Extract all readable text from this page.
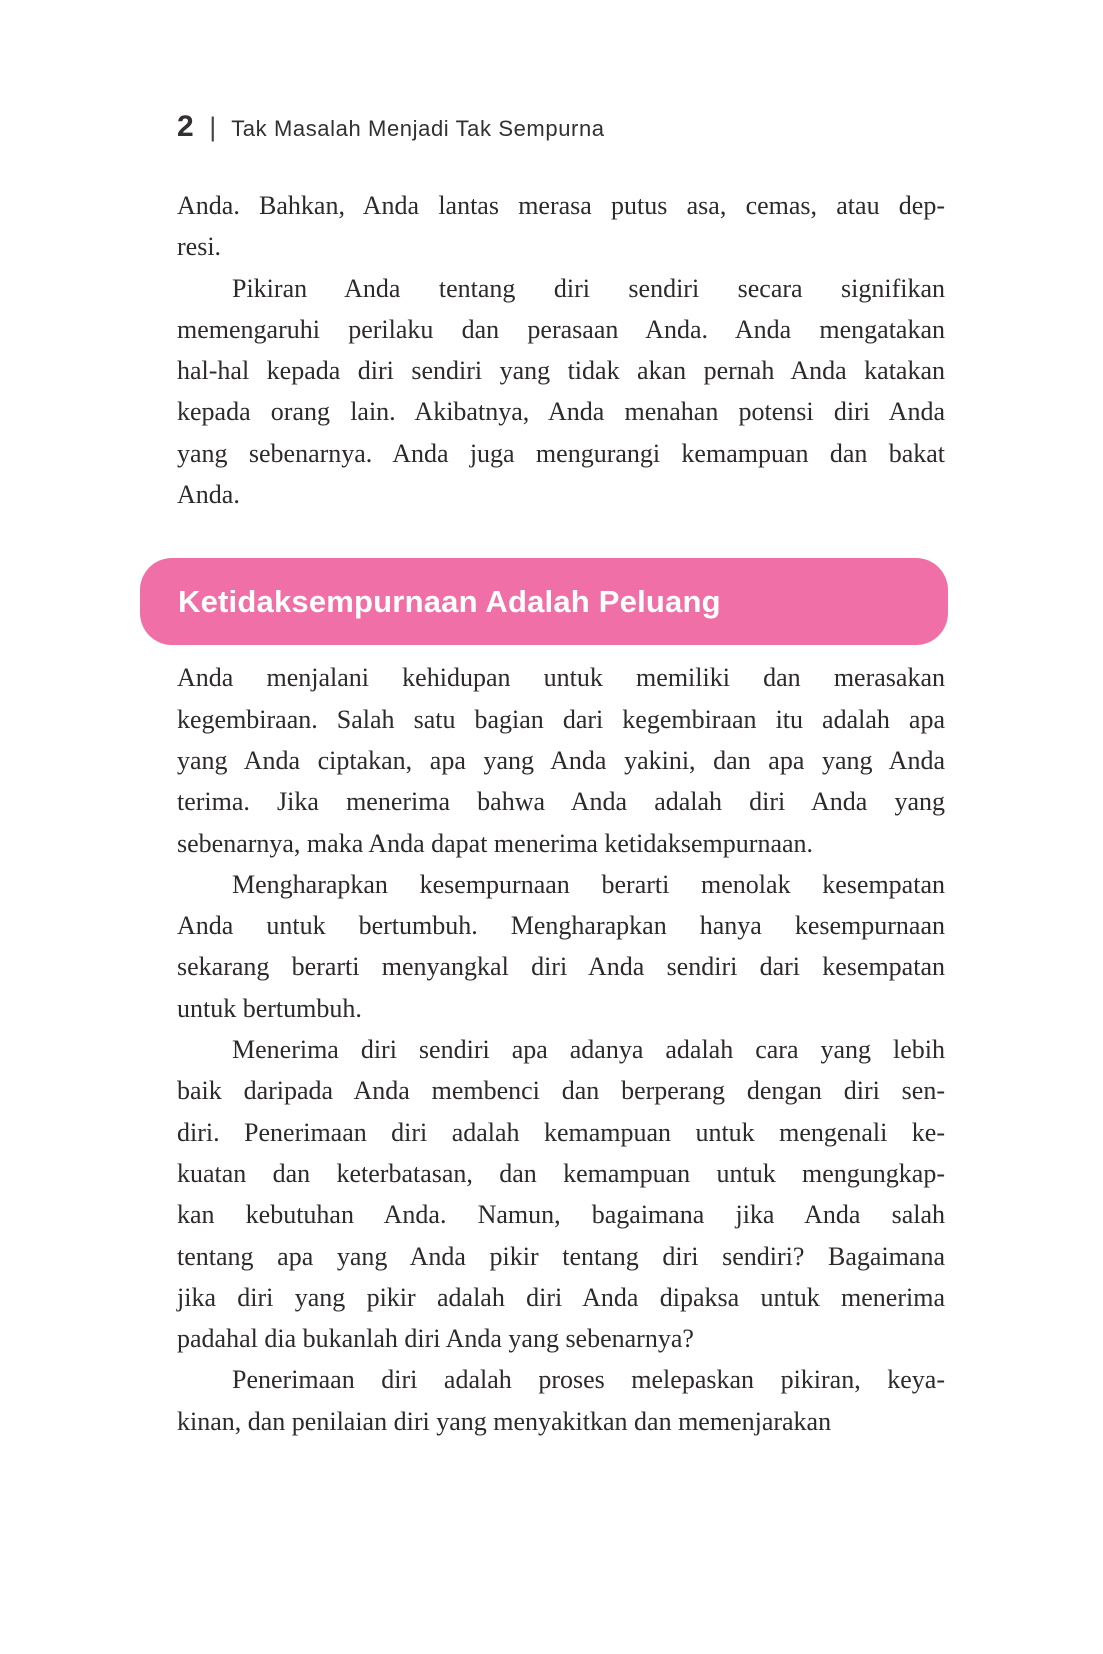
2 | Tak Masalah Menjadi Tak Sempurna
Anda. Bahkan, Anda lantas merasa putus asa, cemas, atau dep-
resi.
Pikiran Anda tentang diri sendiri secara signifikan
memengaruhi perilaku dan perasaan Anda. Anda mengatakan
hal-hal kepada diri sendiri yang tidak akan pernah Anda katakan
kepada orang lain. Akibatnya, Anda menahan potensi diri Anda
yang sebenarnya. Anda juga mengurangi kemampuan dan bakat
Anda.
Ketidaksempurnaan Adalah Peluang
Anda menjalani kehidupan untuk memiliki dan merasakan
kegembiraan. Salah satu bagian dari kegembiraan itu adalah apa
yang Anda ciptakan, apa yang Anda yakini, dan apa yang Anda
terima. Jika menerima bahwa Anda adalah diri Anda yang
sebenarnya, maka Anda dapat menerima ketidaksempurnaan.
Mengharapkan kesempurnaan berarti menolak kesempatan
Anda untuk bertumbuh. Mengharapkan hanya kesempurnaan
sekarang berarti menyangkal diri Anda sendiri dari kesempatan
untuk bertumbuh.
Menerima diri sendiri apa adanya adalah cara yang lebih
baik daripada Anda membenci dan berperang dengan diri sen-
diri. Penerimaan diri adalah kemampuan untuk mengenali ke-
kuatan dan keterbatasan, dan kemampuan untuk mengungkap-
kan kebutuhan Anda. Namun, bagaimana jika Anda salah
tentang apa yang Anda pikir tentang diri sendiri? Bagaimana
jika diri yang pikir adalah diri Anda dipaksa untuk menerima
padahal dia bukanlah diri Anda yang sebenarnya?
Penerimaan diri adalah proses melepaskan pikiran, keya-
kinan, dan penilaian diri yang menyakitkan dan memenjarakan
